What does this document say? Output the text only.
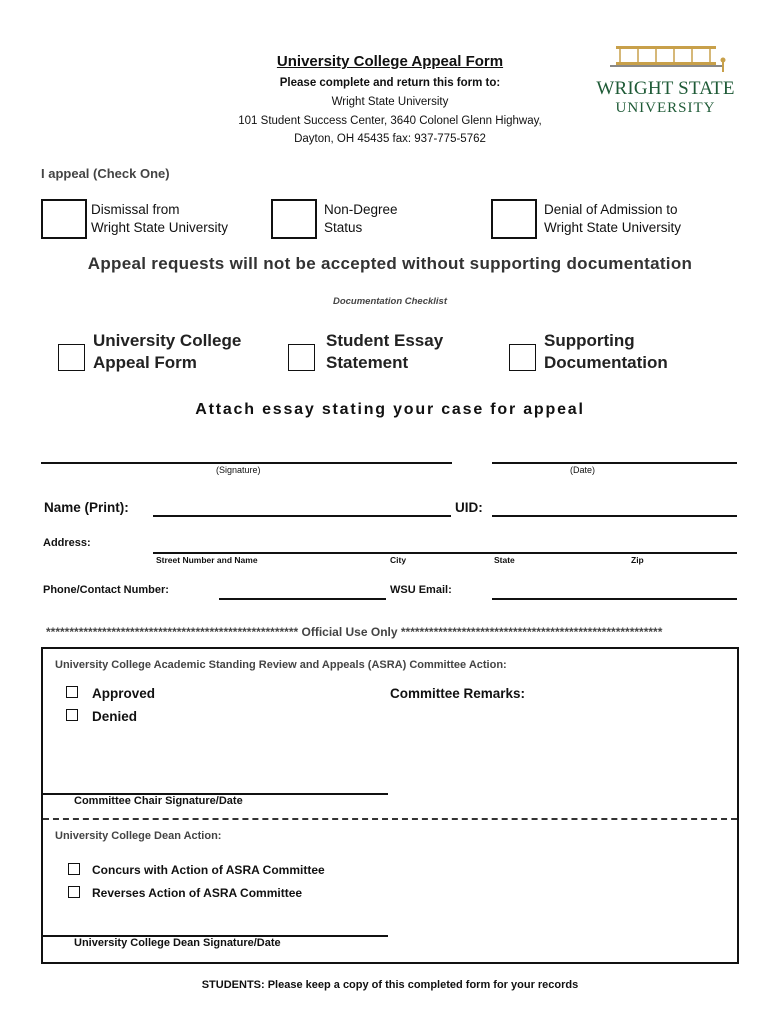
University College Appeal Form
Please complete and return this form to:
Wright State University
101 Student Success Center, 3640 Colonel Glenn Highway,
Dayton, OH 45435 fax: 937-775-5762
WRIGHT STATE
UNIVERSITY
I appeal (Check One)
Dismissal from
Wright State University
Non-Degree
Status
Denial of Admission to
Wright State University
Appeal requests will not be accepted without supporting documentation
Documentation Checklist
University College
Appeal Form
Student Essay
Statement
Supporting
Documentation
Attach essay stating your case for appeal
(Signature)	(Date)
Name (Print):	UID:
Address:
Street Number and Name	City	State	Zip
Phone/Contact Number:	WSU Email:
****************************************************** Official Use Only ********************************************************
University College Academic Standing Review and Appeals (ASRA) Committee Action:
Approved
Denied
Committee Remarks:
Committee Chair Signature/Date
University College Dean Action:
Concurs with Action of ASRA Committee
Reverses Action of ASRA Committee
University College Dean Signature/Date
STUDENTS: Please keep a copy of this completed form for your records
